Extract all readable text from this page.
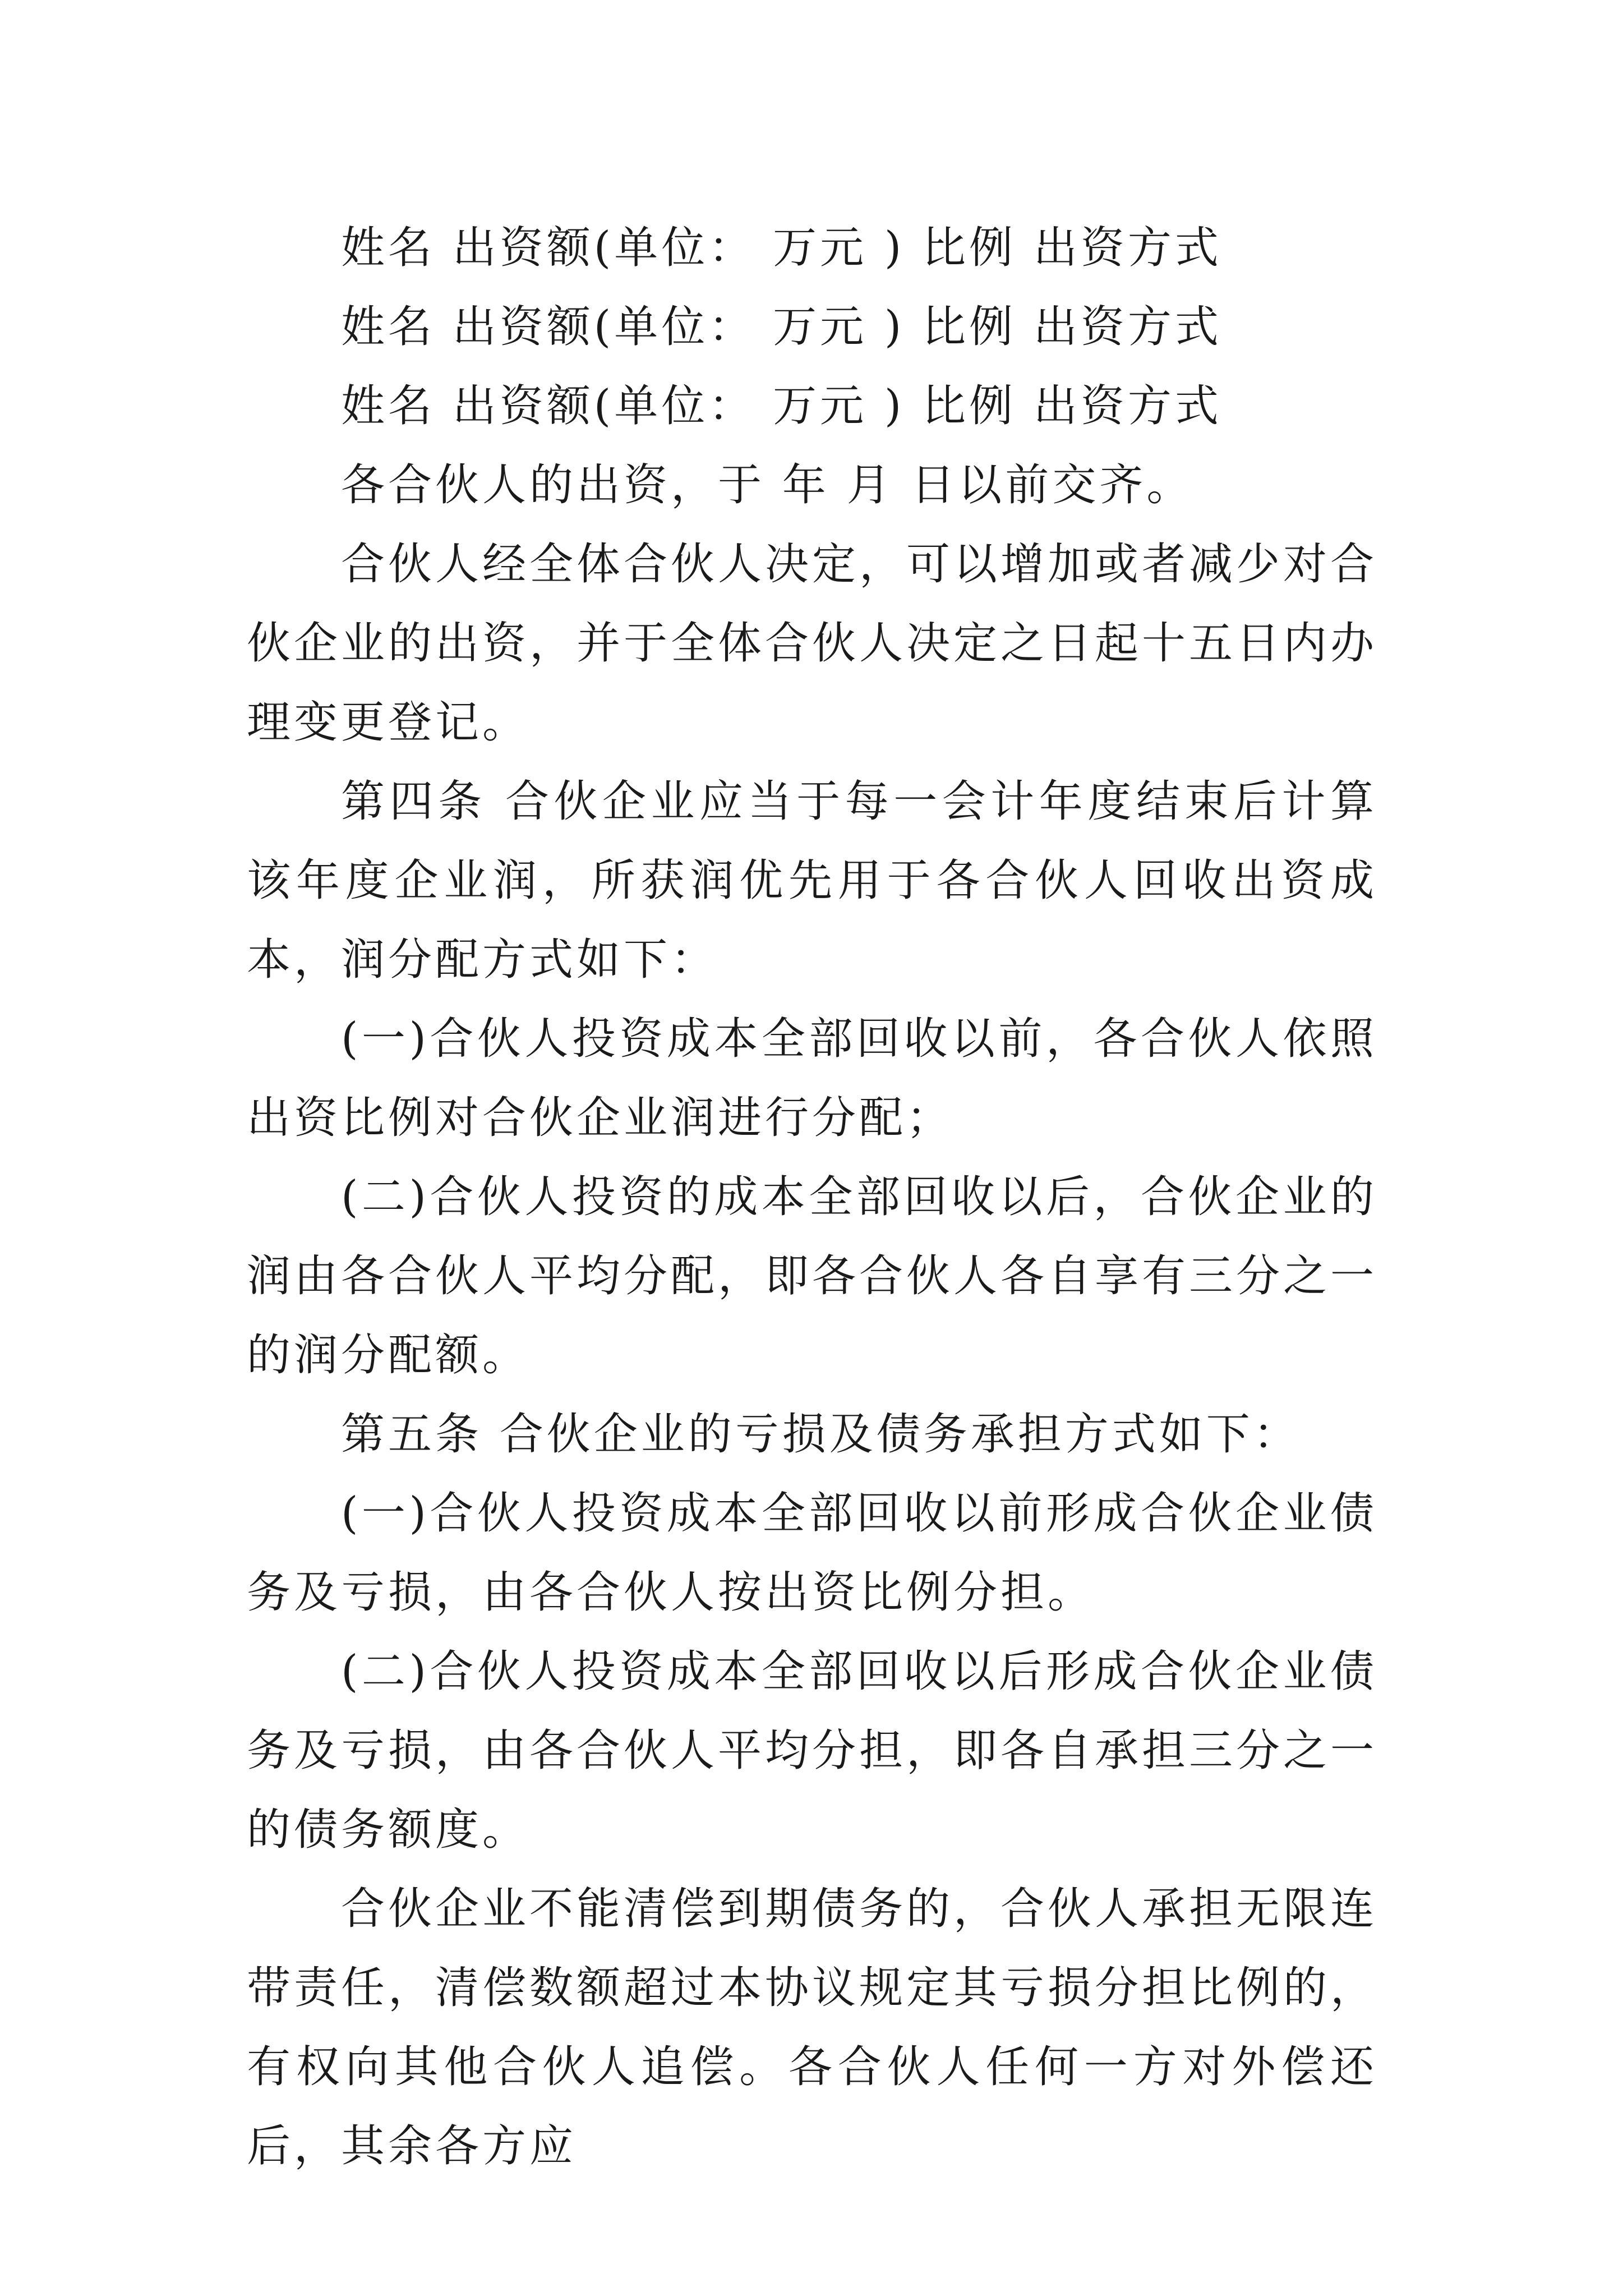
姓名 出资额(单位： 万元 ) 比例 出资方式
姓名 出资额(单位： 万元 ) 比例 出资方式
姓名 出资额(单位： 万元 ) 比例 出资方式
各合伙人的出资，于 年 月 日以前交齐。
合伙人经全体合伙人决定，可以增加或者减少对合伙企业的出资，并于全体合伙人决定之日起十五日内办理变更登记。
第四条 合伙企业应当于每一会计年度结束后计算该年度企业润，所获润优先用于各合伙人回收出资成本，润分配方式如下：
(一)合伙人投资成本全部回收以前，各合伙人依照出资比例对合伙企业润进行分配；
(二)合伙人投资的成本全部回收以后，合伙企业的润由各合伙人平均分配，即各合伙人各自享有三分之一的润分配额。
第五条 合伙企业的亏损及债务承担方式如下：
(一)合伙人投资成本全部回收以前形成合伙企业债务及亏损，由各合伙人按出资比例分担。
(二)合伙人投资成本全部回收以后形成合伙企业债务及亏损，由各合伙人平均分担，即各自承担三分之一的债务额度。
合伙企业不能清偿到期债务的，合伙人承担无限连带责任，清偿数额超过本协议规定其亏损分担比例的，有权向其他合伙人追偿。各合伙人任何一方对外偿还后，其余各方应
